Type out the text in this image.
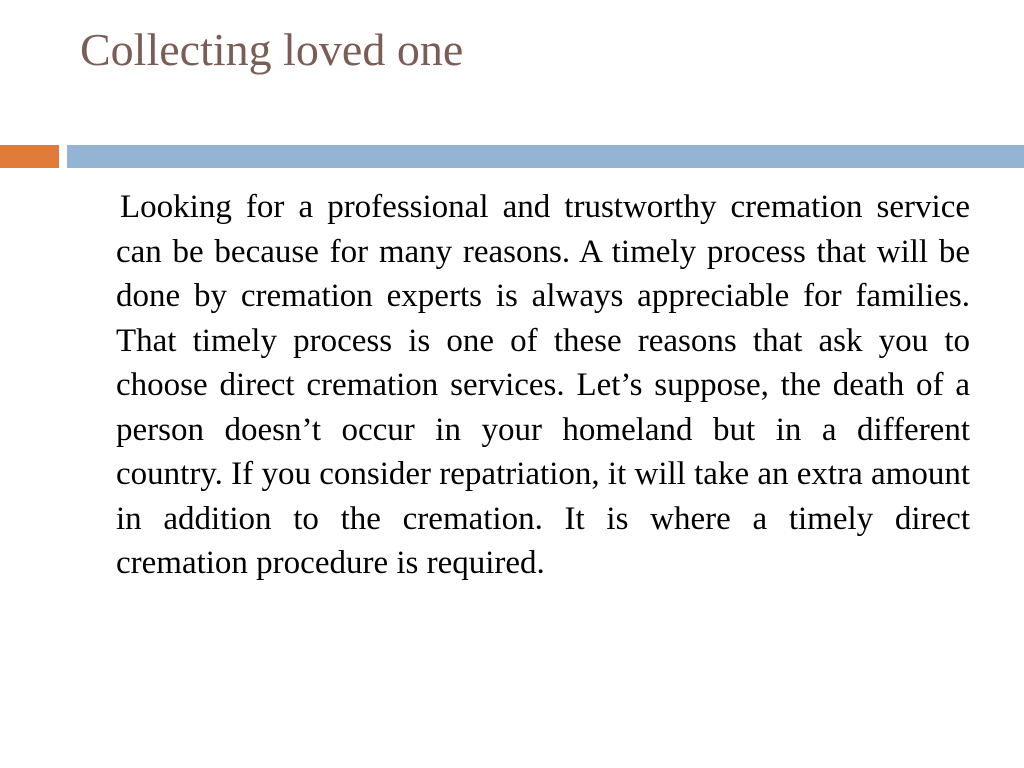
Collecting loved one

Looking for a professional and trustworthy cremation service can be because for many reasons. A timely process that will be done by cremation experts is always appreciable for families. That timely process is one of these reasons that ask you to choose direct cremation services. Let’s suppose, the death of a person doesn’t occur in your homeland but in a different country. If you consider repatriation, it will take an extra amount in addition to the cremation. It is where a timely direct cremation procedure is required.
